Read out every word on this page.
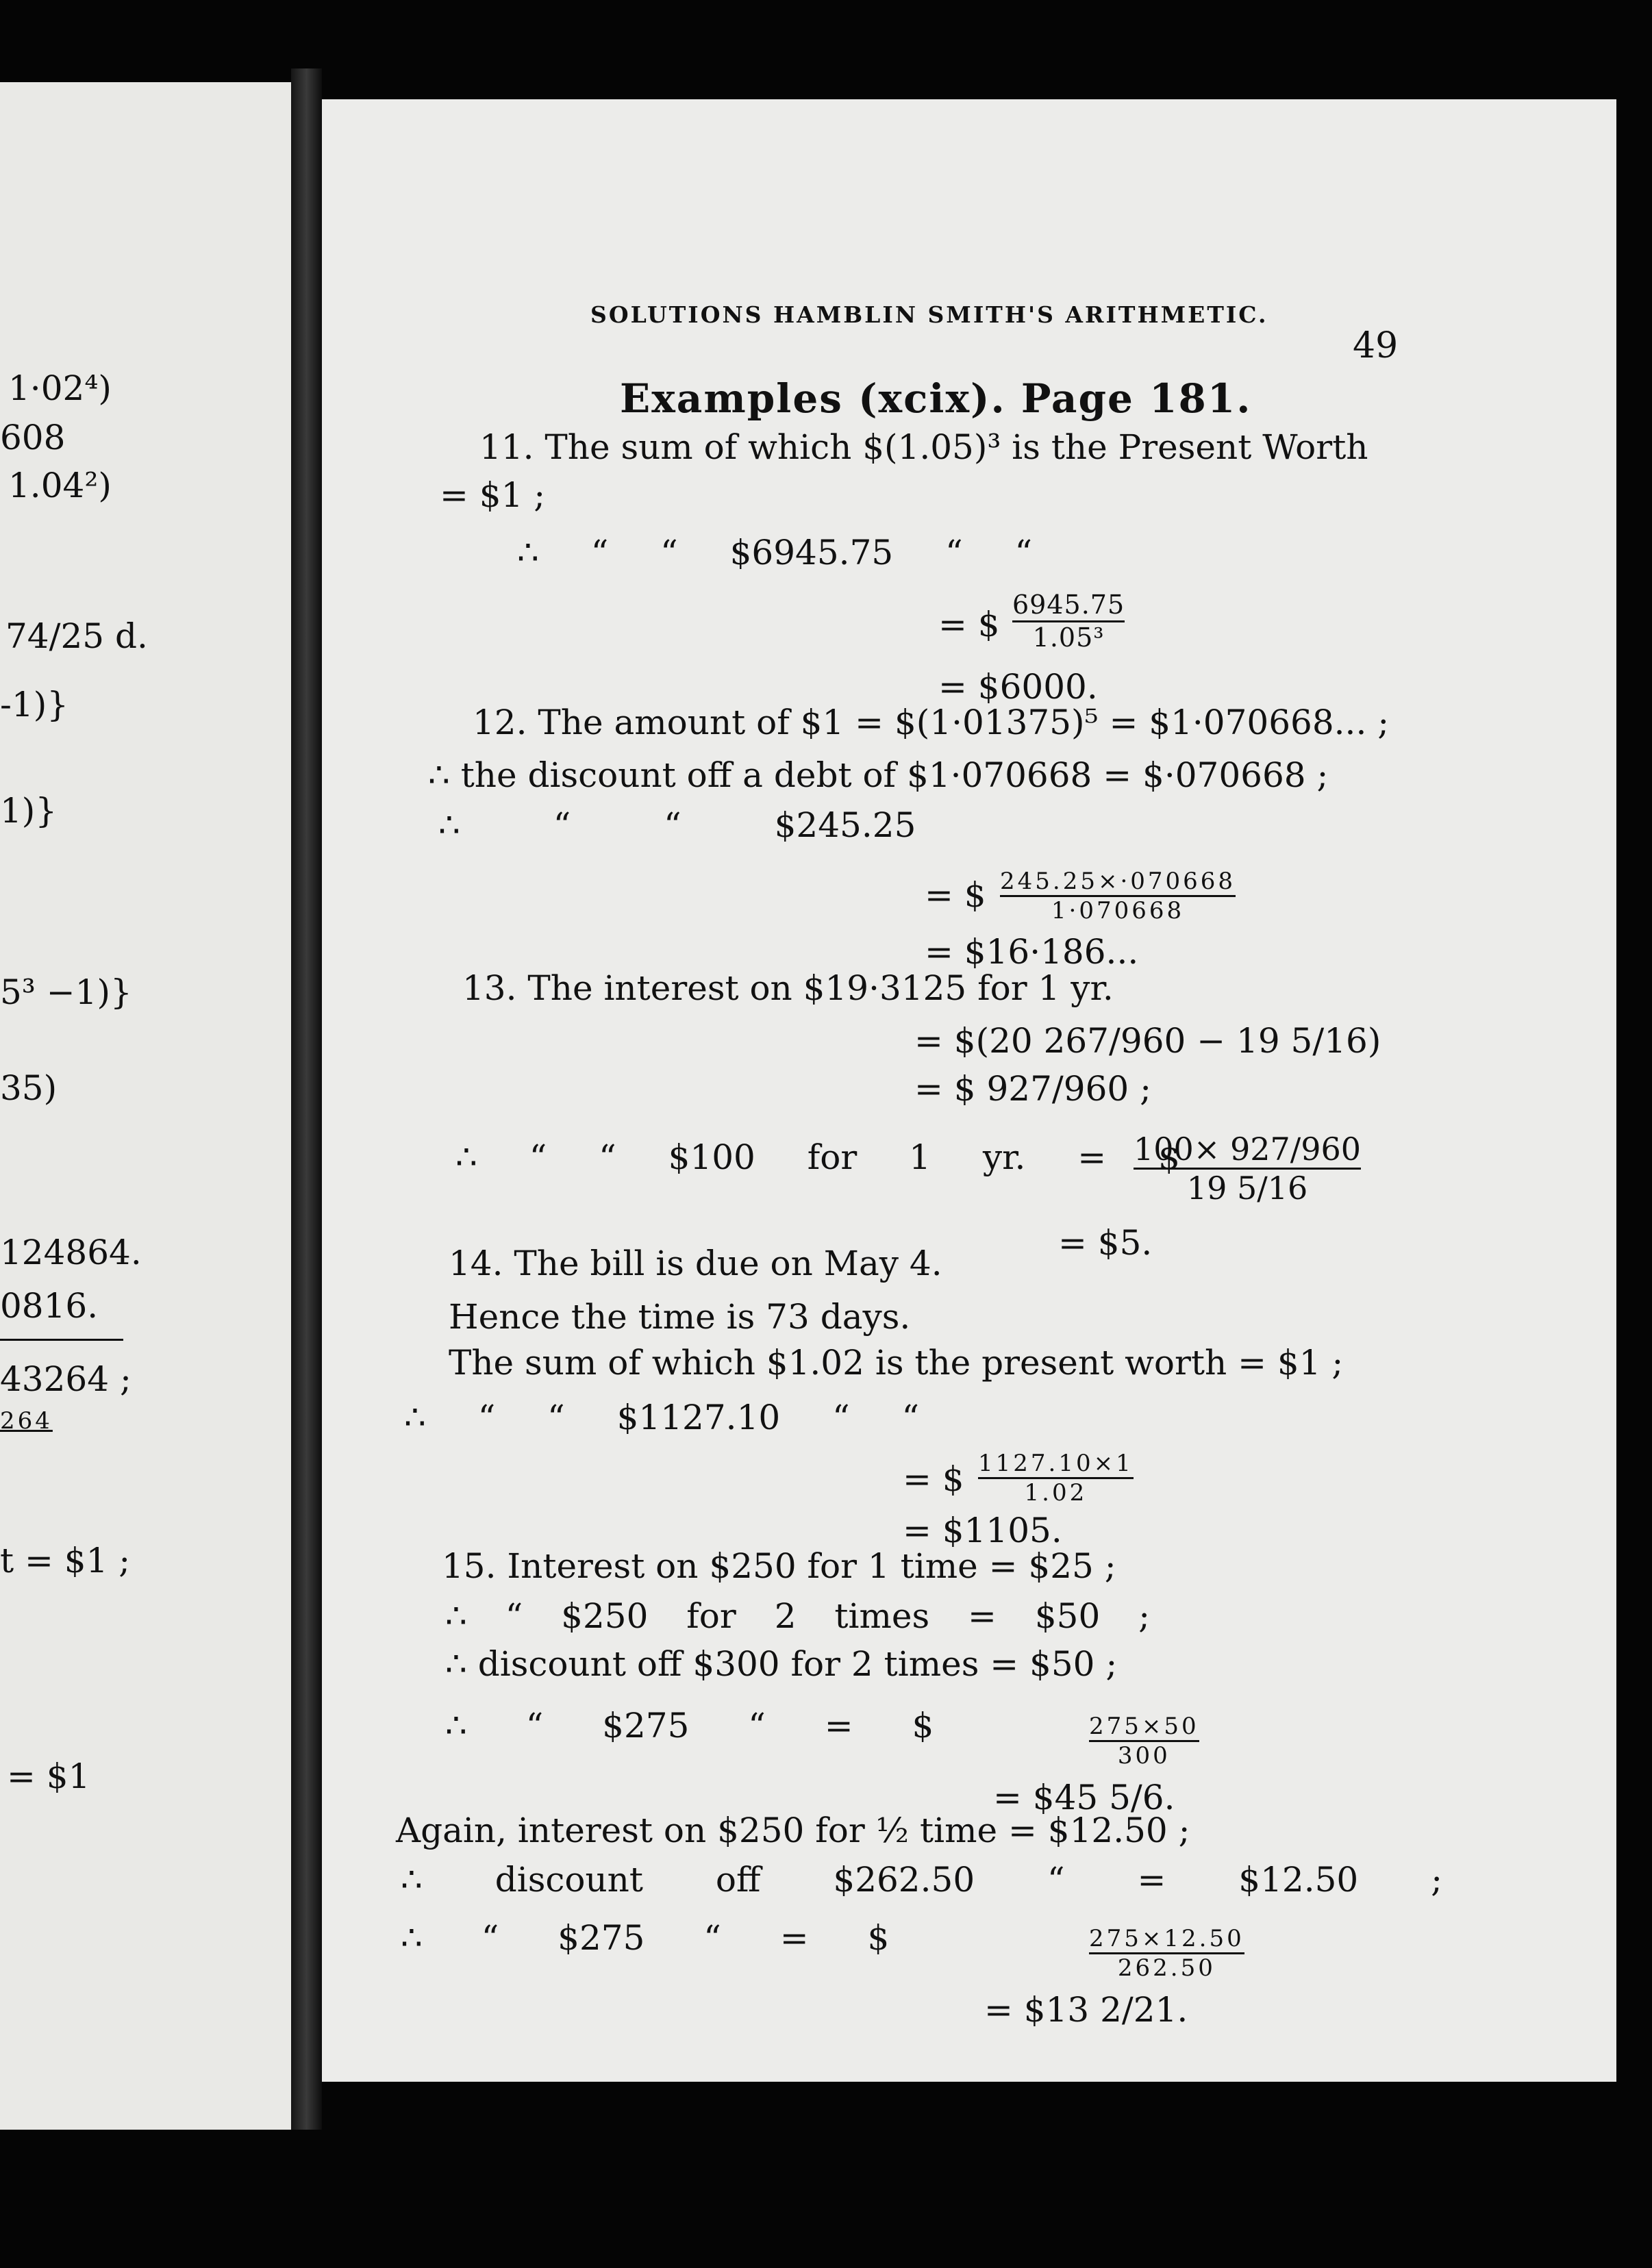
1·02⁴)
608
1.04²)
74/25 d.
-1)}
1)}
5³ −1)}
35)
124864.
0816.
43264 ;
264
t = $1 ;
= $1
SOLUTIONS HAMBLIN SMITH'S ARITHMETIC.
49
Examples (xcix). Page 181.
11. The sum of which $(1.05)³ is the Present Worth
= $1 ;
∴ “ “ $6945.75 “ “
= $ $\frac{6945.75}{\text{1.05³}}$
= $6000.
12. The amount of $1 = $(1·01375)⁵ = $1·070668... ;
∴ the discount off a debt of $1·070668 = $·070668 ;
∴ “ “ $245.25
= $ $\frac{245.25\times\cdot 070668}{1\cdot 070668}$
= $16·186...
13. The interest on $19·3125 for 1 yr.
= $(20 267/960 − 19 5/16)
= $ 927/960 ;
∴ “ “ $100 for 1 yr. = $
$\frac{100\times 927/960}{19 5/16}$
= $5.
14. The bill is due on May 4.
Hence the time is 73 days.
The sum of which $1.02 is the present worth = $1 ;
∴ “ “ $1127.10 “ “
= $ $\frac{1127.10\times 1}{1.02}$
= $1105.
15. Interest on $250 for 1 time = $25 ;
∴ “ $250 for 2 times = $50 ;
∴ discount off $300 for 2 times = $50 ;
∴ “ $275 “ = $	$\frac{275\times 50}{300}$
= $45 5/6.
Again, interest on $250 for ½ time = $12.50 ;
∴ discount off $262.50 “ = $12.50 ;
∴ “ $275 “ = $	$\frac{275\times 12.50}{262.50}$
= $13 2/21.
